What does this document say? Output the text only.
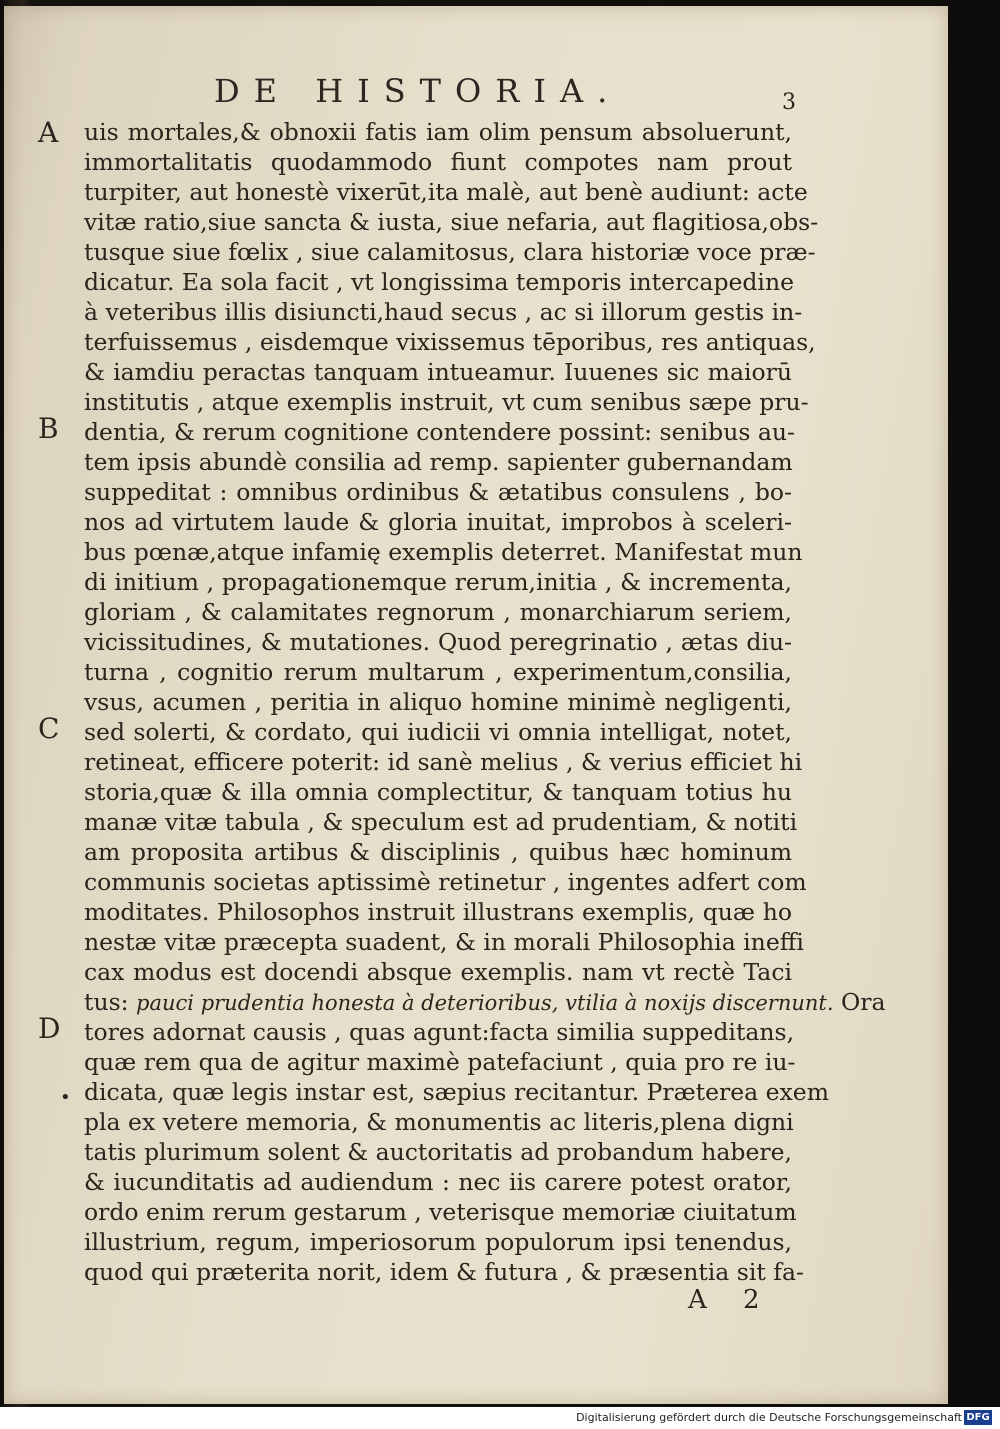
DE HISTORIA.	3
A
B
C
D
•
uis mortales,& obnoxii fatis iam olim pensum absoluerunt,
immortalitatis quodammodo fiunt compotes nam prout
turpiter, aut honestè vixerūt,ita malè, aut benè audiunt: acte
vitæ ratio,siue sancta & iusta, siue nefaria, aut flagitiosa,obs-
tusque siue fœlix , siue calamitosus, clara historiæ voce præ-
dicatur. Ea sola facit , vt longissima temporis intercapedine
à veteribus illis disiuncti,haud secus , ac si illorum gestis in-
terfuissemus , eisdemque vixissemus tēporibus, res antiquas,
& iamdiu peractas tanquam intueamur. Iuuenes sic maiorū
institutis , atque exemplis instruit, vt cum senibus sæpe pru-
dentia, & rerum cognitione contendere possint: senibus au-
tem ipsis abundè consilia ad remp. sapienter gubernandam
suppeditat : omnibus ordinibus & ætatibus consulens , bo-
nos ad virtutem laude & gloria inuitat, improbos à sceleri-
bus pœnæ,atque infamię exemplis deterret. Manifestat mun
di initium , propagationemque rerum,initia , & incrementa,
gloriam , & calamitates regnorum , monarchiarum seriem,
vicissitudines, & mutationes. Quod peregrinatio , ætas diu-
turna , cognitio rerum multarum , experimentum,consilia,
vsus, acumen , peritia in aliquo homine minimè negligenti,
sed solerti, & cordato, qui iudicii vi omnia intelligat, notet,
retineat, efficere poterit: id sanè melius , & verius efficiet hi
storia,quæ & illa omnia complectitur, & tanquam totius hu
manæ vitæ tabula , & speculum est ad prudentiam, & notiti
am proposita artibus & disciplinis , quibus hæc hominum
communis societas aptissimè retinetur , ingentes adfert com
moditates. Philosophos instruit illustrans exemplis, quæ ho
nestæ vitæ præcepta suadent, & in morali Philosophia ineffi
cax modus est docendi absque exemplis. nam vt rectè Taci
tus: pauci prudentia honesta à deterioribus, vtilia à noxijs discernunt. Ora
tores adornat causis , quas agunt:facta similia suppeditans,
quæ rem qua de agitur maximè patefaciunt , quia pro re iu-
dicata, quæ legis instar est, sæpius recitantur. Præterea exem
pla ex vetere memoria, & monumentis ac literis,plena digni
tatis plurimum solent & auctoritatis ad probandum habere,
& iucunditatis ad audiendum : nec iis carere potest orator,
ordo enim rerum gestarum , veterisque memoriæ ciuitatum
illustrium, regum, imperiosorum populorum ipsi tenendus,
quod qui præterita norit, idem & futura , & præsentia sit fa-
A 2
Digitalisierung gefördert durch die Deutsche Forschungsgemeinschaft DFG
